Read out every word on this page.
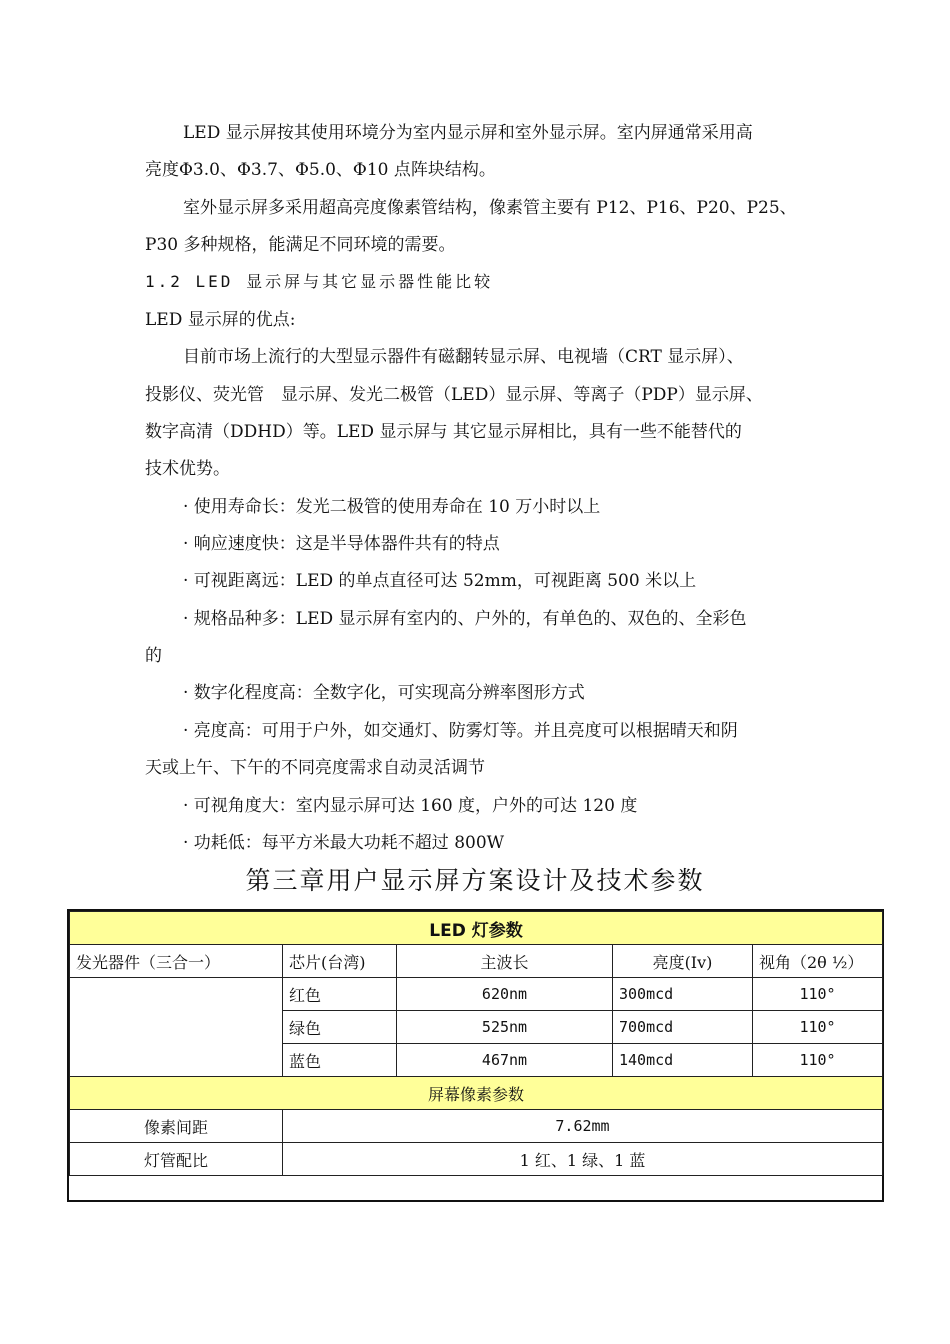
LED 显示屏按其使用环境分为室内显示屏和室外显示屏。室内屏通常采用高
亮度Φ3.0、Φ3.7、Φ5.0、Φ10 点阵块结构。
室外显示屏多采用超高亮度像素管结构，像素管主要有 P12、P16、P20、P25、
P30 多种规格，能满足不同环境的需要。
1.2 LED 显示屏与其它显示器性能比较
LED 显示屏的优点:
目前市场上流行的大型显示器件有磁翻转显示屏、电视墙（CRT 显示屏）、
投影仪、荧光管　显示屏、发光二极管（LED）显示屏、等离子（PDP）显示屏、
数字高清（DDHD）等。LED 显示屏与 其它显示屏相比，具有一些不能替代的
技术优势。
· 使用寿命长：发光二极管的使用寿命在 10 万小时以上
· 响应速度快：这是半导体器件共有的特点
· 可视距离远：LED 的单点直径可达 52mm，可视距离 500 米以上
· 规格品种多：LED 显示屏有室内的、户外的，有单色的、双色的、全彩色
的
· 数字化程度高：全数字化，可实现高分辨率图形方式
· 亮度高：可用于户外，如交通灯、防雾灯等。并且亮度可以根据晴天和阴
天或上午、下午的不同亮度需求自动灵活调节
· 可视角度大：室内显示屏可达 160 度，户外的可达 120 度
· 功耗低：每平方米最大功耗不超过 800W
第三章用户显示屏方案设计及技术参数
LED 灯参数				
发光器件（三合一）	芯片(台湾)	主波长	亮度(Iv)	视角（2θ ½）
	红色	620nm	300mcd	110°
	绿色	525nm	700mcd	110°
	蓝色	467nm	140mcd	110°
屏幕像素参数				
像素间距	7.62mm			
灯管配比	1 红、1 绿、1 蓝			
